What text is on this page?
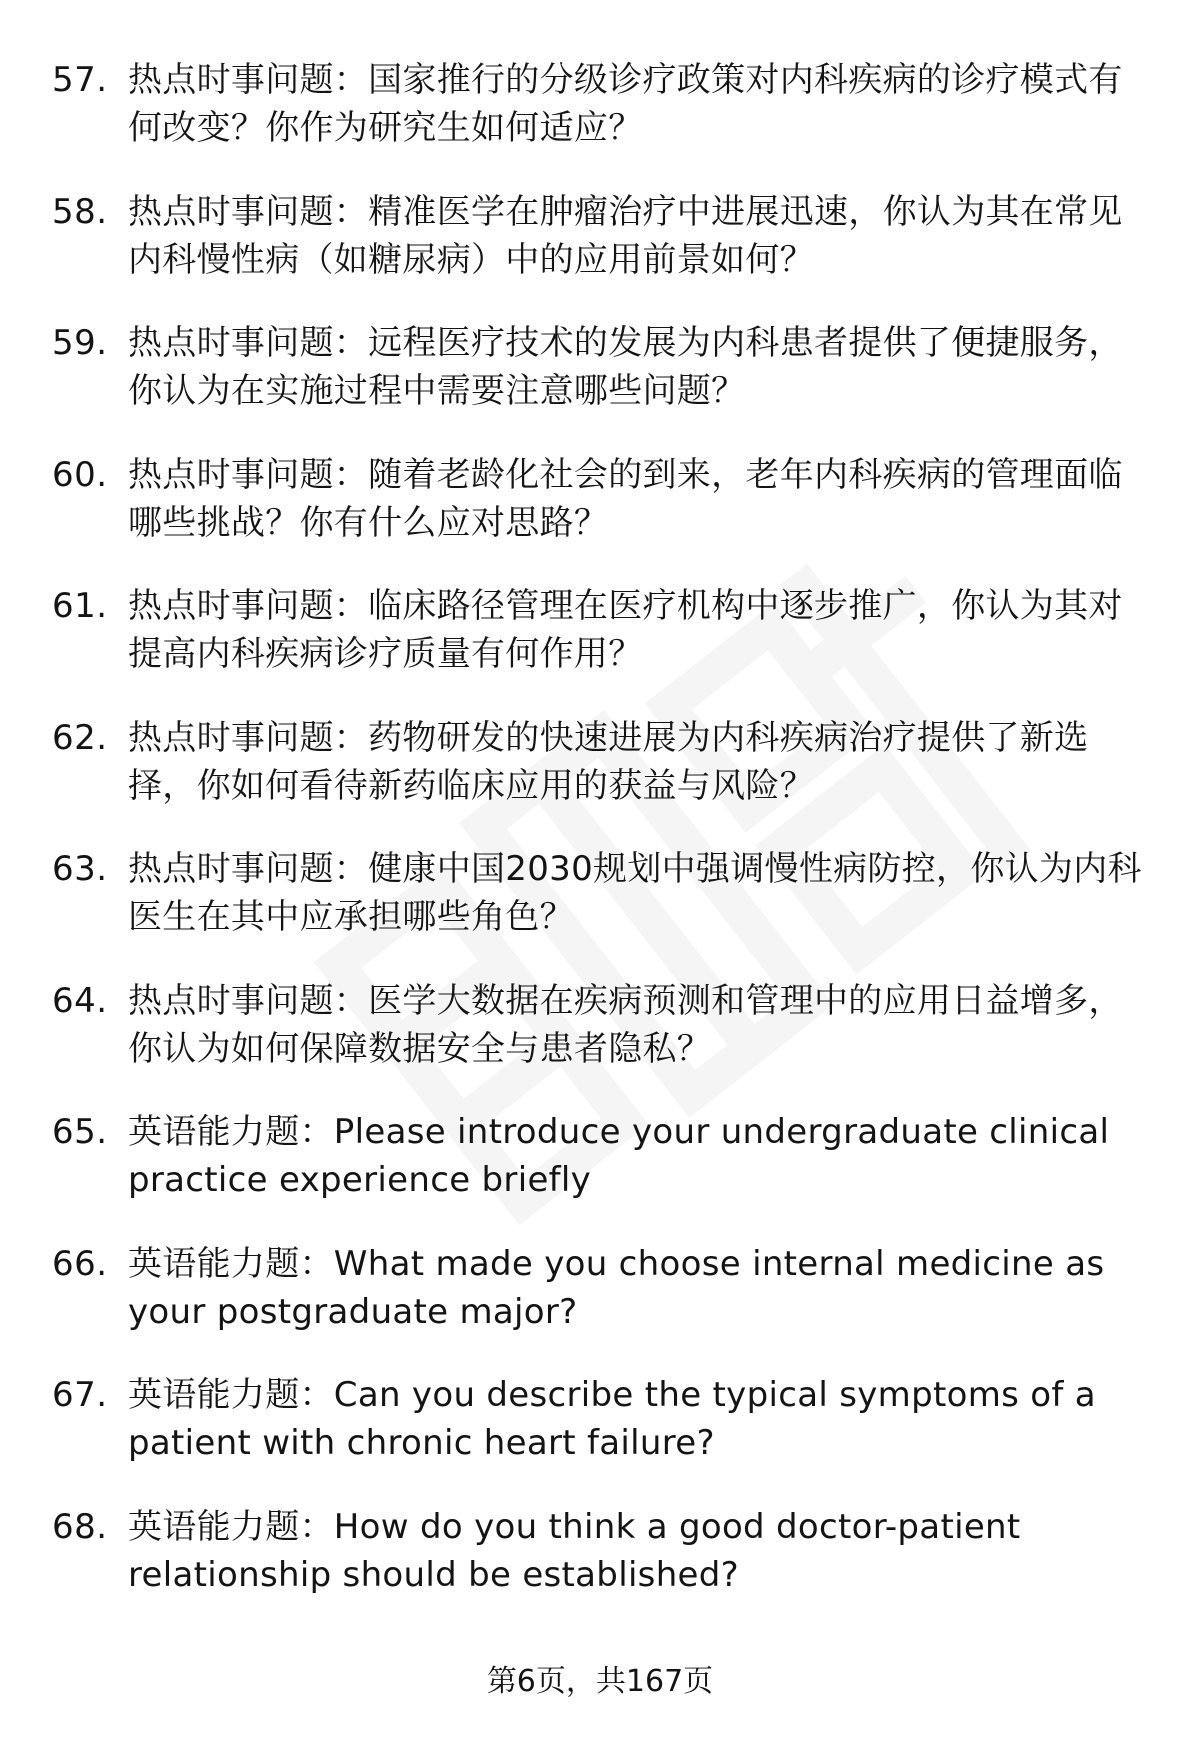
57. 热点时事问题：国家推行的分级诊疗政策对内科疾病的诊疗模式有何改变？你作为研究生如何适应？
58. 热点时事问题：精准医学在肿瘤治疗中进展迅速，你认为其在常见内科慢性病（如糖尿病）中的应用前景如何？
59. 热点时事问题：远程医疗技术的发展为内科患者提供了便捷服务，你认为在实施过程中需要注意哪些问题？
60. 热点时事问题：随着老龄化社会的到来，老年内科疾病的管理面临哪些挑战？你有什么应对思路？
61. 热点时事问题：临床路径管理在医疗机构中逐步推广，你认为其对提高内科疾病诊疗质量有何作用？
62. 热点时事问题：药物研发的快速进展为内科疾病治疗提供了新选择，你如何看待新药临床应用的获益与风险？
63. 热点时事问题：健康中国2030规划中强调慢性病防控，你认为内科医生在其中应承担哪些角色？
64. 热点时事问题：医学大数据在疾病预测和管理中的应用日益增多，你认为如何保障数据安全与患者隐私？
65. 英语能力题：Please introduce your undergraduate clinical practice experience briefly
66. 英语能力题：What made you choose internal medicine as your postgraduate major?
67. 英语能力题：Can you describe the typical symptoms of a patient with chronic heart failure?
68. 英语能力题：How do you think a good doctor-patient relationship should be established?
第6页，共167页
